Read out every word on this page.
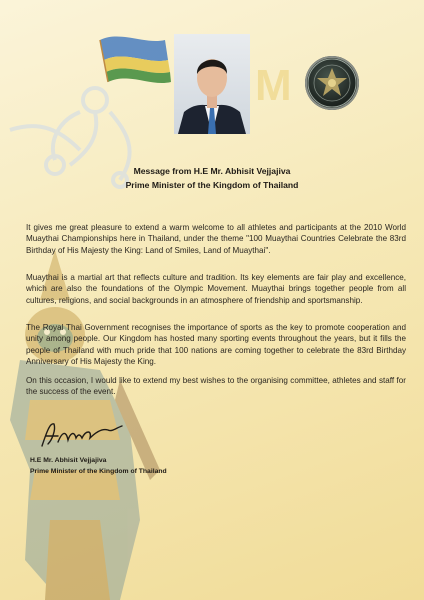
M
Message from H.E Mr. Abhisit Vejjajiva
Prime Minister of the Kingdom of Thailand

It gives me great pleasure to extend a warm welcome to all athletes and participants at the 2010 World Muaythai Championships here in Thailand, under the theme "100 Muaythai Countries Celebrate the 83rd Birthday of His Majesty the King: Land of Smiles, Land of Muaythai".

Muaythai is a martial art that reflects culture and tradition. Its key elements are fair play and excellence, which are also the foundations of the Olympic Movement. Muaythai brings together people from all cultures, religions, and social backgrounds in an atmosphere of friendship and sportsmanship.

The Royal Thai Government recognises the importance of sports as the key to promote cooperation and unity among people. Our Kingdom has hosted many sporting events throughout the years, but it fills the people of Thailand with much pride that 100 nations are coming together to celebrate the 83rd Birthday Anniversary of His Majesty the King.

On this occasion, I would like to extend my best wishes to the organising committee, athletes and staff for the success of the event.

H.E Mr. Abhisit Vejjajiva
Prime Minister of the Kingdom of Thailand
